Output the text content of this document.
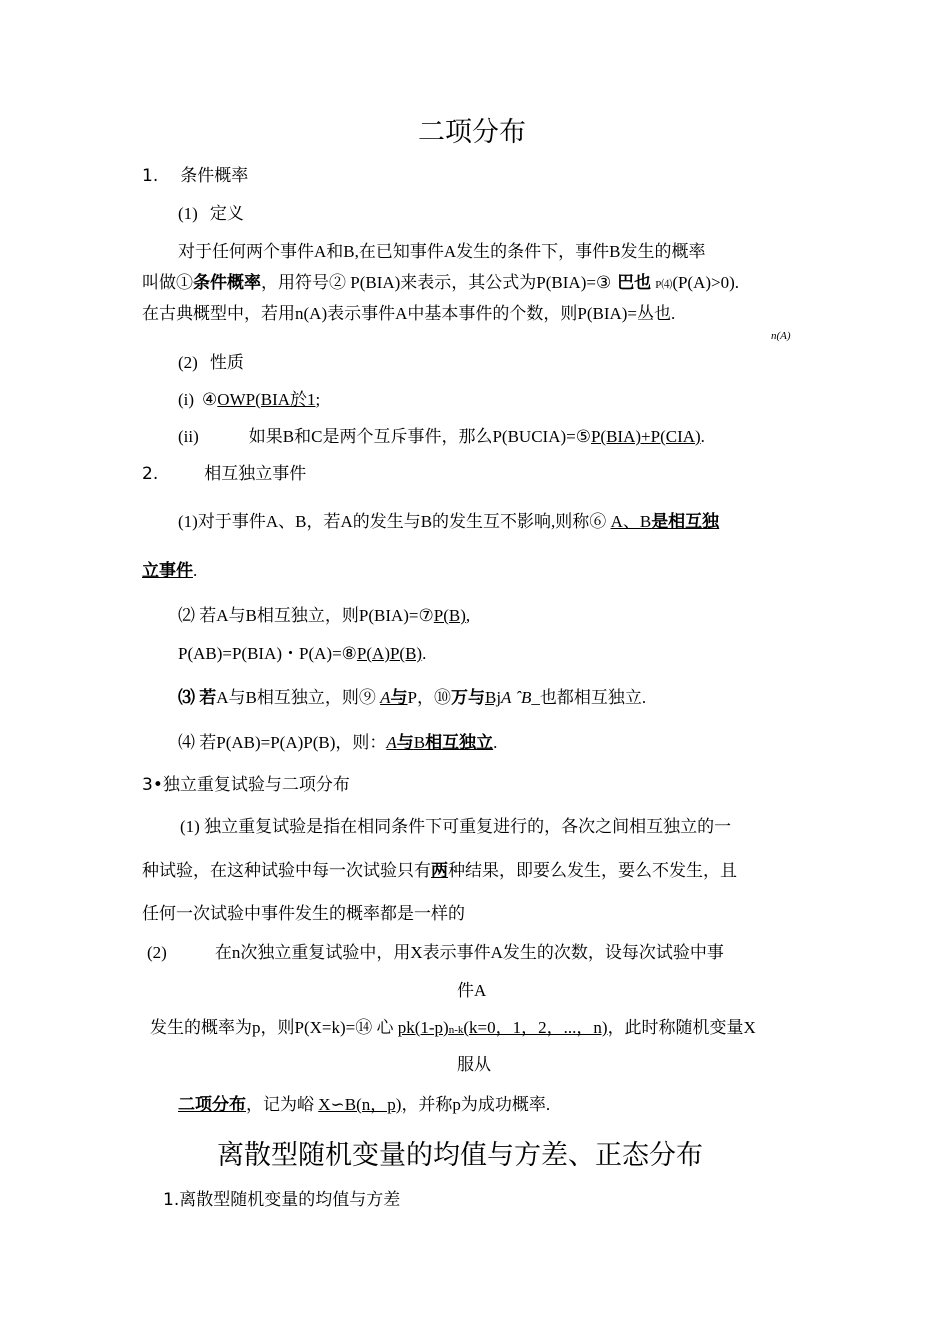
二项分布
1. 条件概率
(1) 定义
对于任何两个事件A和B,在已知事件A发生的条件下，事件B发生的概率
叫做①条件概率，用符号② P(BIA)来表示，其公式为P(BIA)=③ 巴也 P⑷(P(A)>0).
在古典概型中，若用n(A)表示事件A中基本事件的个数，则P(BIA)=丛也.
n(A)
(2) 性质
(i) ④OWP(BIA於1;
(ii)	如果B和C是两个互斥事件，那么P(BUCIA)=⑤P(BIA)+P(CIA).
2.	相互独立事件
(1)对于事件A、B，若A的发生与B的发生互不影响,则称⑥ A、B是相互独
立事件.
⑵ 若A与B相互独立，则P(BIA)=⑦P(B),
P(AB)=P(BIA)・P(A)=⑧P(A)P(B).
⑶ 若A与B相互独立，则⑨ A与P，⑩万与BjA ˆB_也都相互独立.
⑷ 若P(AB)=P(A)P(B)，则：A与B相互独立.
3•独立重复试验与二项分布
(1) 独立重复试验是指在相同条件下可重复进行的，各次之间相互独立的一
种试验，在这种试验中每一次试验只有两种结果，即要么发生，要么不发生，且
任何一次试验中事件发生的概率都是一样的
(2)	在n次独立重复试验中，用X表示事件A发生的次数，设每次试验中事
件A
发生的概率为p，则P(X=k)=⑭ 心 pk(1-p)n-k(k=0，1，2，...，n)，此时称随机变量X
服从
二项分布，记为峪 X∽B(n，p)，并称p为成功概率.
离散型随机变量的均值与方差、正态分布
1.离散型随机变量的均值与方差
